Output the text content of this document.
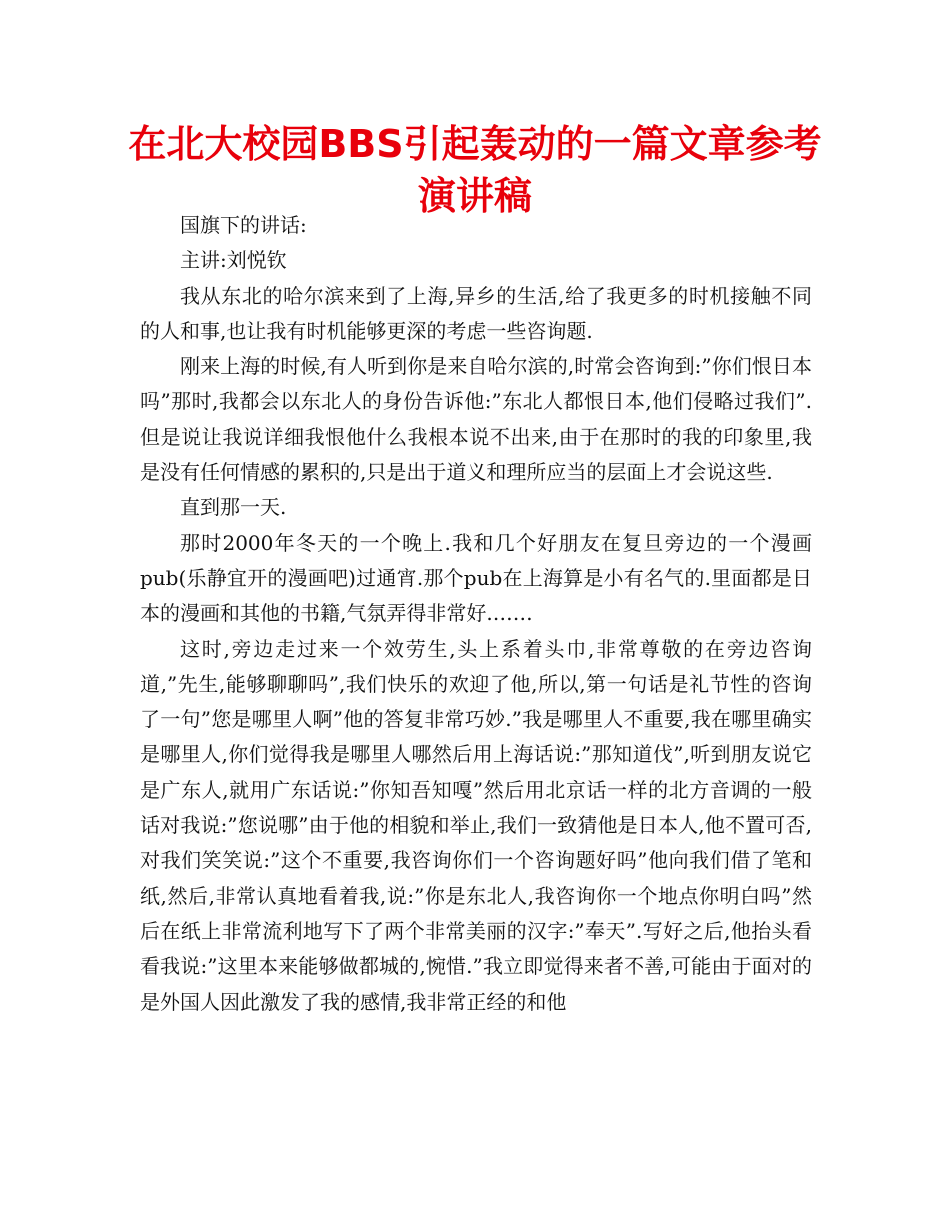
在北大校园BBS引起轰动的一篇文章参考演讲稿

国旗下的讲话:

主讲:刘悦钦

我从东北的哈尔滨来到了上海,异乡的生活,给了我更多的时机接触不同的人和事,也让我有时机能够更深的考虑一些咨询题.

刚来上海的时候,有人听到你是来自哈尔滨的,时常会咨询到:”你们恨日本吗”那时,我都会以东北人的身份告诉他:”东北人都恨日本,他们侵略过我们”.但是说让我说详细我恨他什么我根本说不出来,由于在那时的我的印象里,我是没有任何情感的累积的,只是出于道义和理所应当的层面上才会说这些.

直到那一天.

那时2000年冬天的一个晚上.我和几个好朋友在复旦旁边的一个漫画pub(乐静宜开的漫画吧)过通宵.那个pub在上海算是小有名气的.里面都是日本的漫画和其他的书籍,气氛弄得非常好.……

这时,旁边走过来一个效劳生,头上系着头巾,非常尊敬的在旁边咨询道,”先生,能够聊聊吗”,我们快乐的欢迎了他,所以,第一句话是礼节性的咨询了一句”您是哪里人啊”他的答复非常巧妙.”我是哪里人不重要,我在哪里确实是哪里人,你们觉得我是哪里人哪然后用上海话说:”那知道伐”,听到朋友说它是广东人,就用广东话说:”你知吾知嘎”然后用北京话一样的北方音调的一般话对我说:”您说哪”由于他的相貌和举止,我们一致猜他是日本人,他不置可否,对我们笑笑说:”这个不重要,我咨询你们一个咨询题好吗”他向我们借了笔和纸,然后,非常认真地看着我,说:”你是东北人,我咨询你一个地点你明白吗”然后在纸上非常流利地写下了两个非常美丽的汉字:”奉天”.写好之后,他抬头看看我说:”这里本来能够做都城的,惋惜.”我立即觉得来者不善,可能由于面对的是外国人因此激发了我的感情,我非常正经的和他
